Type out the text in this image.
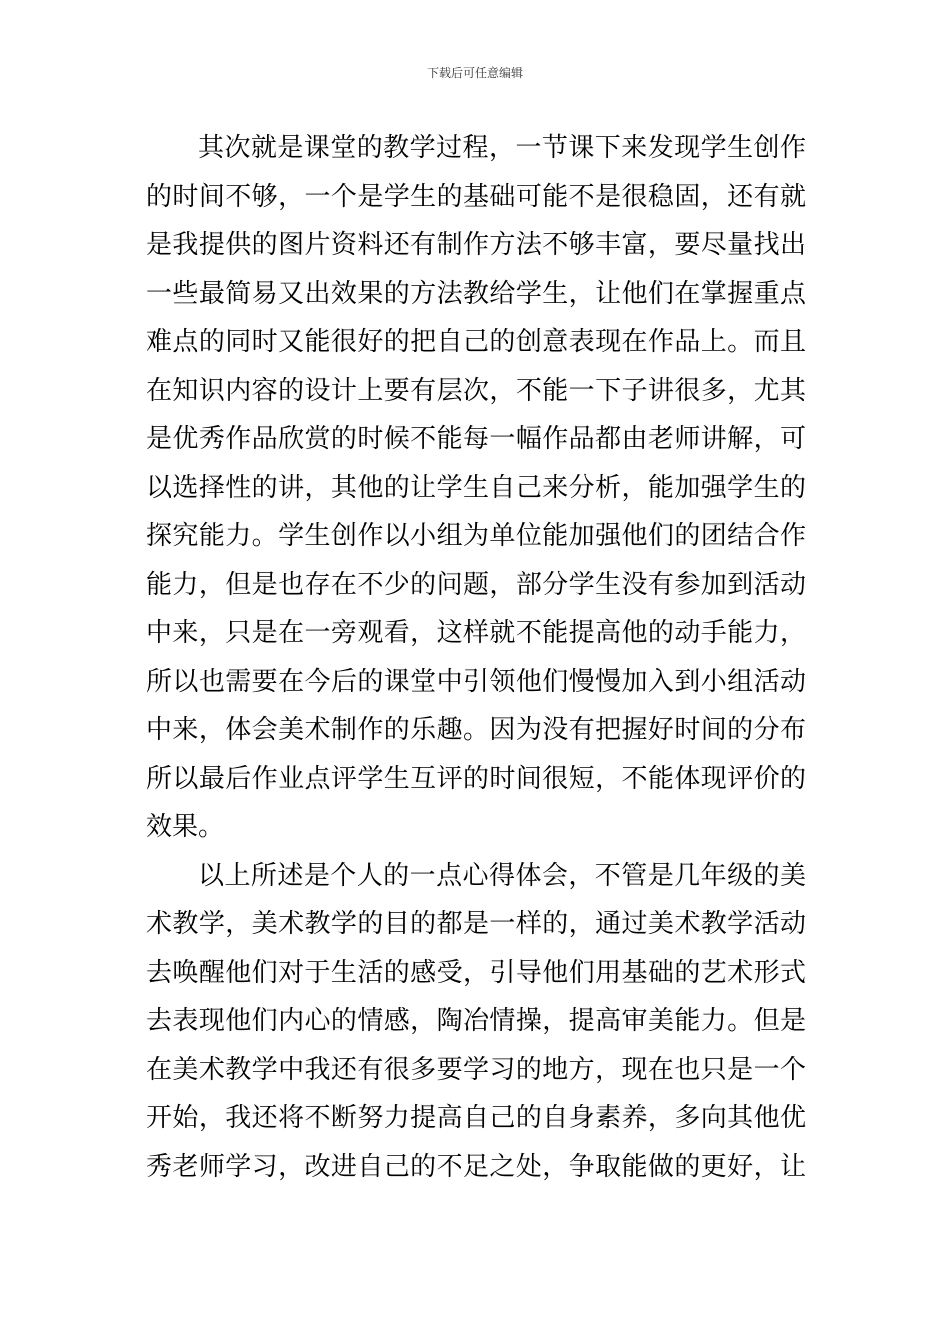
下载后可任意编辑
其次就是课堂的教学过程，一节课下来发现学生创作
的时间不够，一个是学生的基础可能不是很稳固，还有就
是我提供的图片资料还有制作方法不够丰富，要尽量找出
一些最简易又出效果的方法教给学生，让他们在掌握重点
难点的同时又能很好的把自己的创意表现在作品上。而且
在知识内容的设计上要有层次，不能一下子讲很多，尤其
是优秀作品欣赏的时候不能每一幅作品都由老师讲解，可
以选择性的讲，其他的让学生自己来分析，能加强学生的
探究能力。学生创作以小组为单位能加强他们的团结合作
能力，但是也存在不少的问题，部分学生没有参加到活动
中来，只是在一旁观看，这样就不能提高他的动手能力，
所以也需要在今后的课堂中引领他们慢慢加入到小组活动
中来，体会美术制作的乐趣。因为没有把握好时间的分布
所以最后作业点评学生互评的时间很短，不能体现评价的
效果。
以上所述是个人的一点心得体会，不管是几年级的美
术教学，美术教学的目的都是一样的，通过美术教学活动
去唤醒他们对于生活的感受，引导他们用基础的艺术形式
去表现他们内心的情感，陶冶情操，提高审美能力。但是
在美术教学中我还有很多要学习的地方，现在也只是一个
开始，我还将不断努力提高自己的自身素养，多向其他优
秀老师学习，改进自己的不足之处，争取能做的更好，让
